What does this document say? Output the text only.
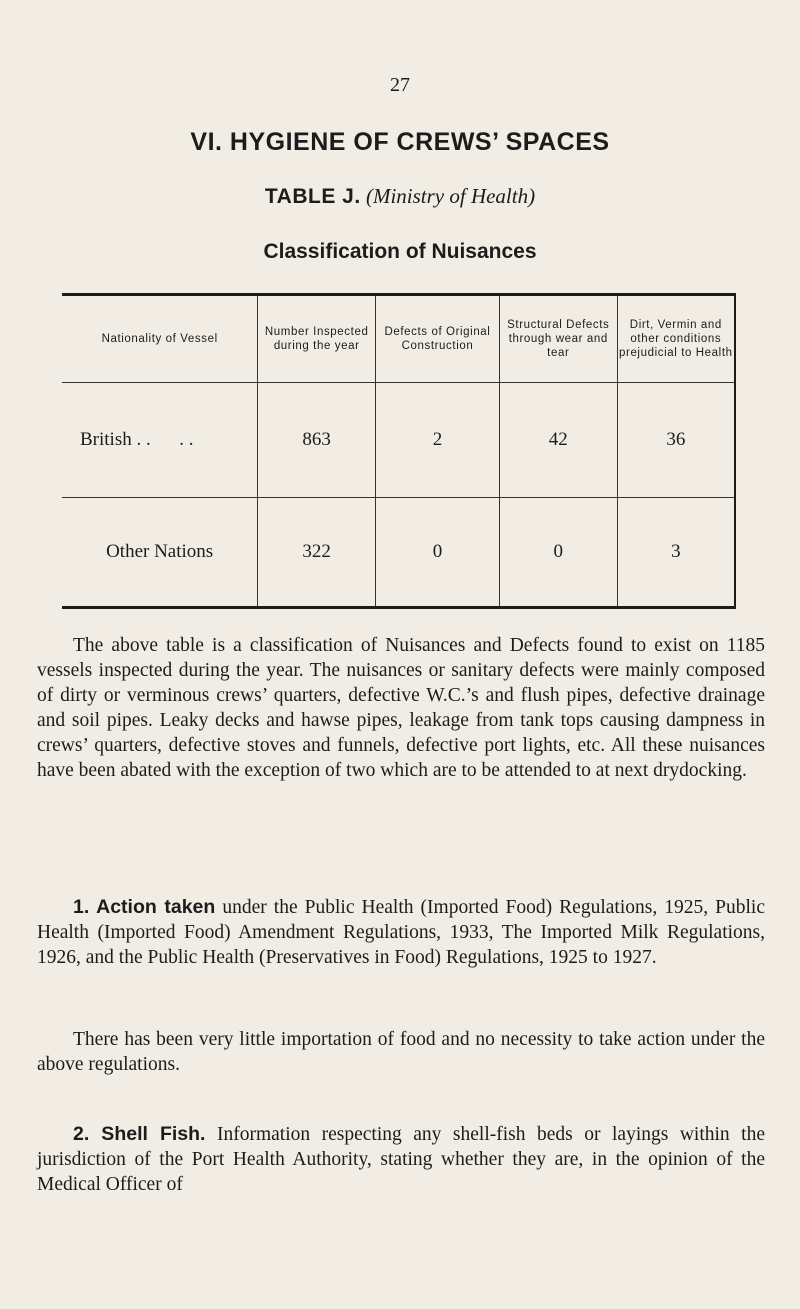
27
VI. HYGIENE OF CREWS’ SPACES
TABLE J. (Ministry of Health)
Classification of Nuisances
Nationality of Vessel	Number Inspected during the year	Defects of Original Construction	Structural Defects through wear and tear	Dirt, Vermin and other conditions prejudicial to Health
British . .      . .	863	2	42	36
Other Nations	322	0	0	3

The above table is a classification of Nuisances and Defects found to exist on 1185 vessels inspected during the year. The nuisances or sanitary defects were mainly composed of dirty or verminous crews’ quarters, defective W.C.’s and flush pipes, defective drainage and soil pipes. Leaky decks and hawse pipes, leakage from tank tops causing dampness in crews’ quarters, defective stoves and funnels, defective port lights, etc. All these nuisances have been abated with the exception of two which are to be attended to at next drydocking.

1. Action taken under the Public Health (Imported Food) Regulations, 1925, Public Health (Imported Food) Amendment Regulations, 1933, The Imported Milk Regulations, 1926, and the Public Health (Preservatives in Food) Regulations, 1925 to 1927.

There has been very little importation of food and no necessity to take action under the above regulations.

2. Shell Fish. Information respecting any shell-fish beds or layings within the jurisdiction of the Port Health Authority, stating whether they are, in the opinion of the Medical Officer of
